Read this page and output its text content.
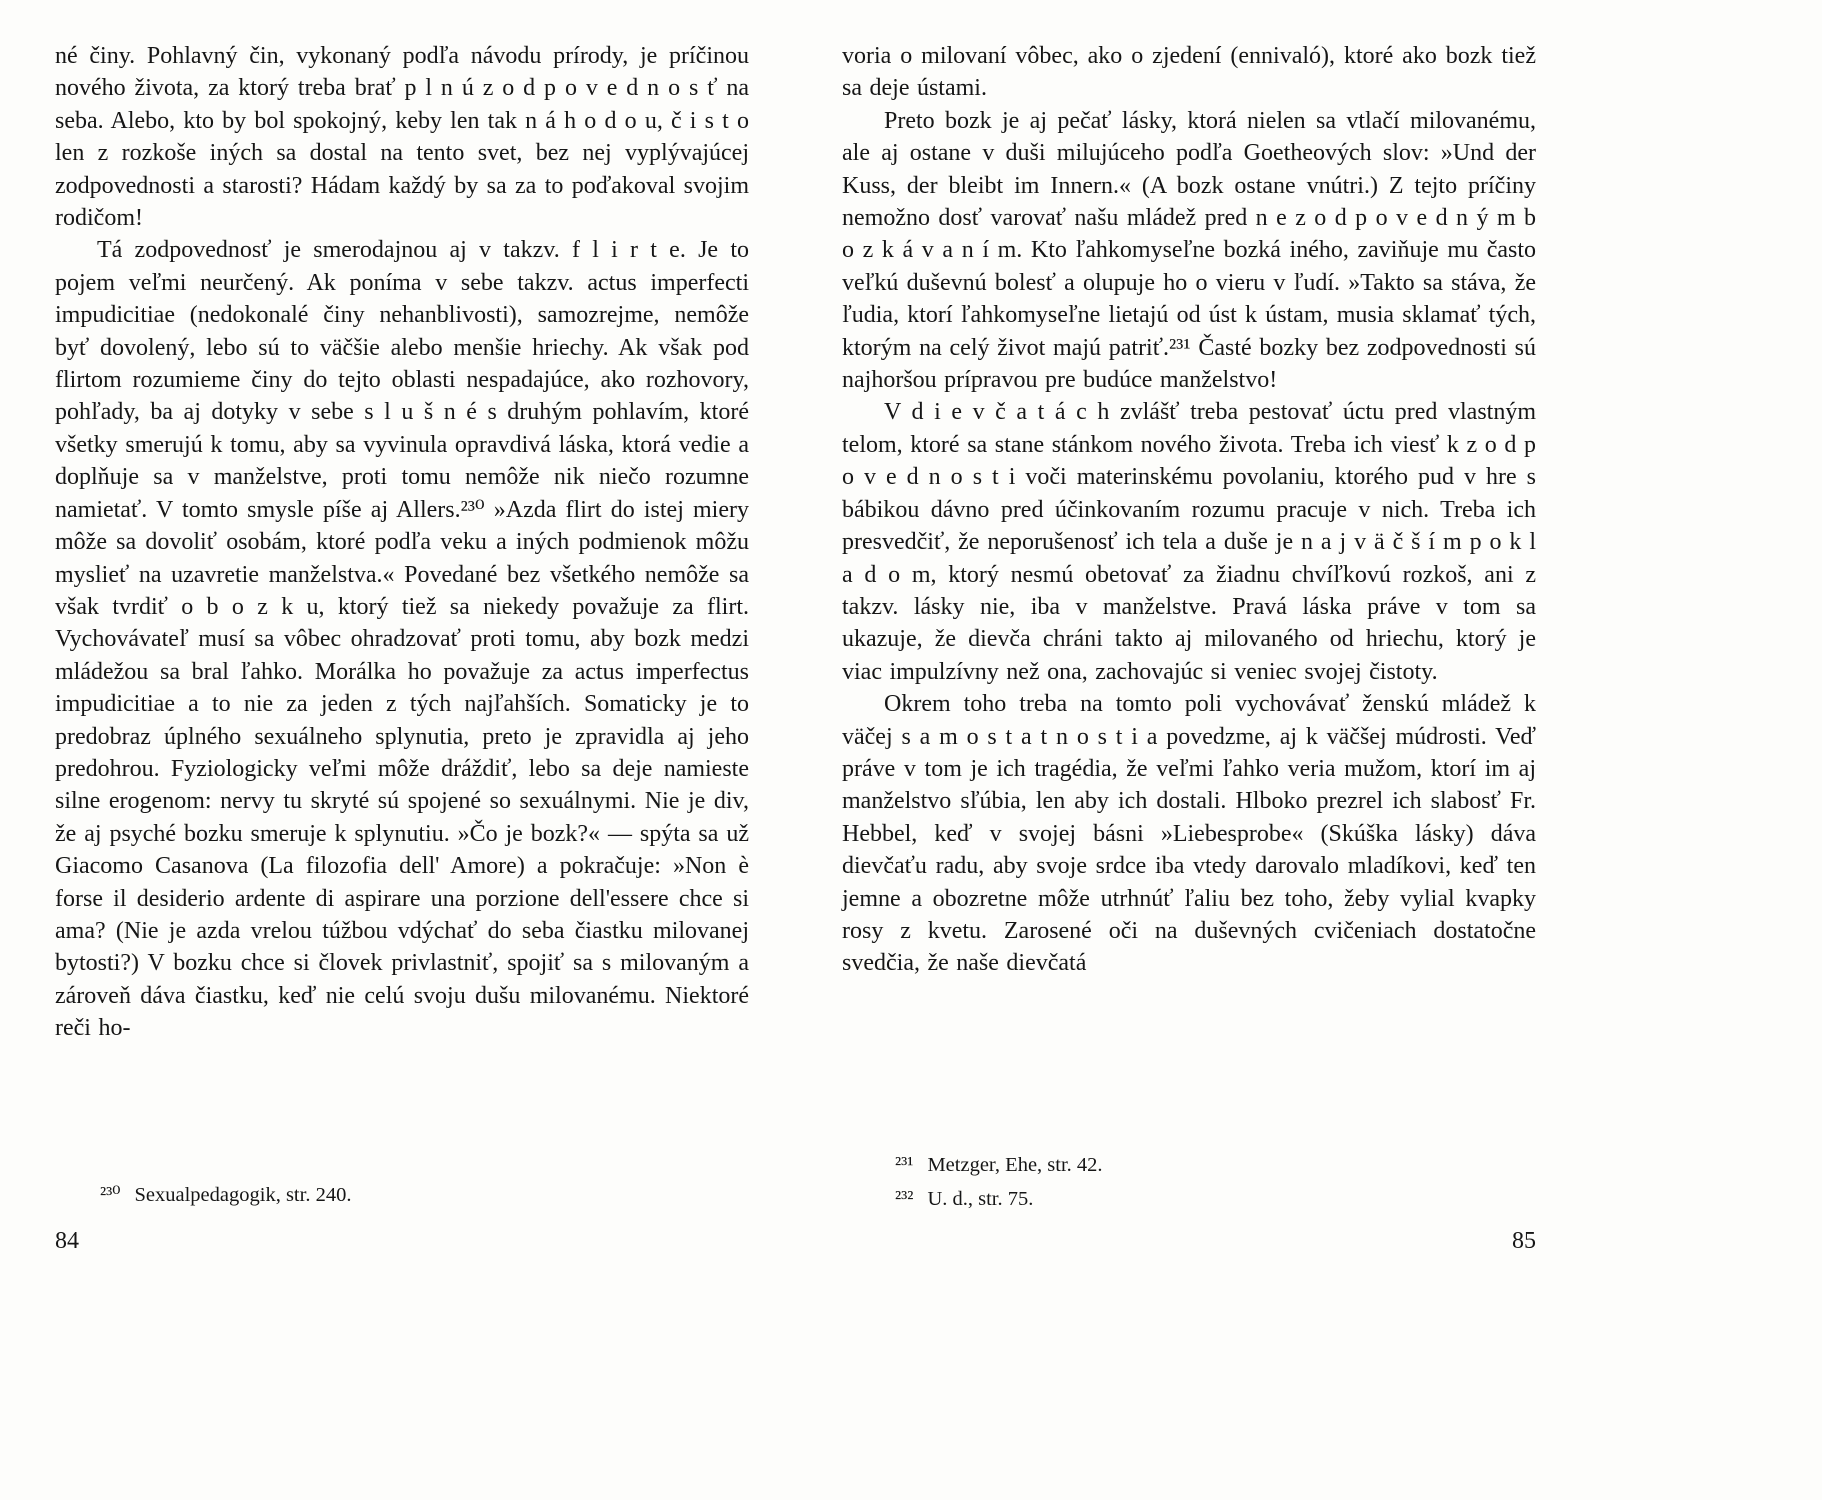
né činy. Pohlavný čin, vykonaný podľa návodu prírody, je príčinou nového života, za ktorý treba brať p l n ú z o d p o v e d n o s ť na seba. Alebo, kto by bol spokojný, keby len tak n á h o d o u, č i s t o len z rozkoše iných sa dostal na tento svet, bez nej vyplývajúcej zodpovednosti a starosti? Hádam každý by sa za to poďakoval svojim rodičom!

Tá zodpovednosť je smerodajnou aj v takzv. f l i r t e. Je to pojem veľmi neurčený. Ak poníma v sebe takzv. actus imperfecti impudicitiae (nedokonalé činy nehanblivosti), samozrejme, nemôže byť dovolený, lebo sú to väčšie alebo menšie hriechy. Ak však pod flirtom rozumieme činy do tejto oblasti nespadajúce, ako rozhovory, pohľady, ba aj dotyky v sebe s l u š n é s druhým pohlavím, ktoré všetky smerujú k tomu, aby sa vyvinula opravdivá láska, ktorá vedie a doplňuje sa v manželstve, proti tomu nemôže nik niečo rozumne namietať. V tomto smysle píše aj Allers.²³⁰ »Azda flirt do istej miery môže sa dovoliť osobám, ktoré podľa veku a iných podmienok môžu myslieť na uzavretie manželstva.« Povedané bez všetkého nemôže sa však tvrdiť o b o z k u, ktorý tiež sa niekedy považuje za flirt. Vychovávateľ musí sa vôbec ohradzovať proti tomu, aby bozk medzi mládežou sa bral ľahko. Morálka ho považuje za actus imperfectus impudicitiae a to nie za jeden z tých najľahších. Somaticky je to predobraz úplného sexuálneho splynutia, preto je zpravidla aj jeho predohrou. Fyziologicky veľmi môže dráždiť, lebo sa deje namieste silne erogenom: nervy tu skryté sú spojené so sexuálnymi. Nie je div, že aj psyché bozku smeruje k splynutiu. »Čo je bozk?« — spýta sa už Giacomo Casanova (La filozofia dell' Amore) a pokračuje: »Non è forse il desiderio ardente di aspirare una porzione dell'essere chce si ama? (Nie je azda vrelou túžbou vdýchať do seba čiastku milovanej bytosti?) V bozku chce si človek privlastniť, spojiť sa s milovaným a zároveň dáva čiastku, keď nie celú svoju dušu milovanému. Niektoré reči ho-

²³⁰ Sexualpedagogik, str. 240.
84

voria o milovaní vôbec, ako o zjedení (ennivaló), ktoré ako bozk tiež sa deje ústami.

Preto bozk je aj pečať lásky, ktorá nielen sa vtlačí milovanému, ale aj ostane v duši milujúceho podľa Goetheových slov: »Und der Kuss, der bleibt im Innern.« (A bozk ostane vnútri.) Z tejto príčiny nemožno dosť varovať našu mládež pred n e z o d p o v e d n ý m b o z k á v a n í m. Kto ľahkomyseľne bozká iného, zaviňuje mu často veľkú duševnú bolesť a olupuje ho o vieru v ľudí. »Takto sa stáva, že ľudia, ktorí ľahkomyseľne lietajú od úst k ústam, musia sklamať tých, ktorým na celý život majú patriť.²³¹ Časté bozky bez zodpovednosti sú najhoršou prípravou pre budúce manželstvo!

V d i e v č a t á c h zvlášť treba pestovať úctu pred vlastným telom, ktoré sa stane stánkom nového života. Treba ich viesť k z o d p o v e d n o s t i voči materinskému povolaniu, ktorého pud v hre s bábikou dávno pred účinkovaním rozumu pracuje v nich. Treba ich presvedčiť, že neporušenosť ich tela a duše je n a j v ä č š í m p o k l a d o m, ktorý nesmú obetovať za žiadnu chvíľkovú rozkoš, ani z takzv. lásky nie, iba v manželstve. Pravá láska práve v tom sa ukazuje, že dievča chráni takto aj milovaného od hriechu, ktorý je viac impulzívny než ona, zachovajúc si veniec svojej čistoty.

Okrem toho treba na tomto poli vychovávať ženskú mládež k väčej s a m o s t a t n o s t i a povedzme, aj k väčšej múdrosti. Veď práve v tom je ich tragédia, že veľmi ľahko veria mužom, ktorí im aj manželstvo sľúbia, len aby ich dostali. Hlboko prezrel ich slabosť Fr. Hebbel, keď v svojej básni »Liebesprobe« (Skúška lásky) dáva dievčaťu radu, aby svoje srdce iba vtedy darovalo mladíkovi, keď ten jemne a obozretne môže utrhnúť ľaliu bez toho, žeby vylial kvapky rosy z kvetu. Zarosené oči na duševných cvičeniach dostatočne svedčia, že naše dievčatá

²³¹ Metzger, Ehe, str. 42.
²³² U. d., str. 75.
85
